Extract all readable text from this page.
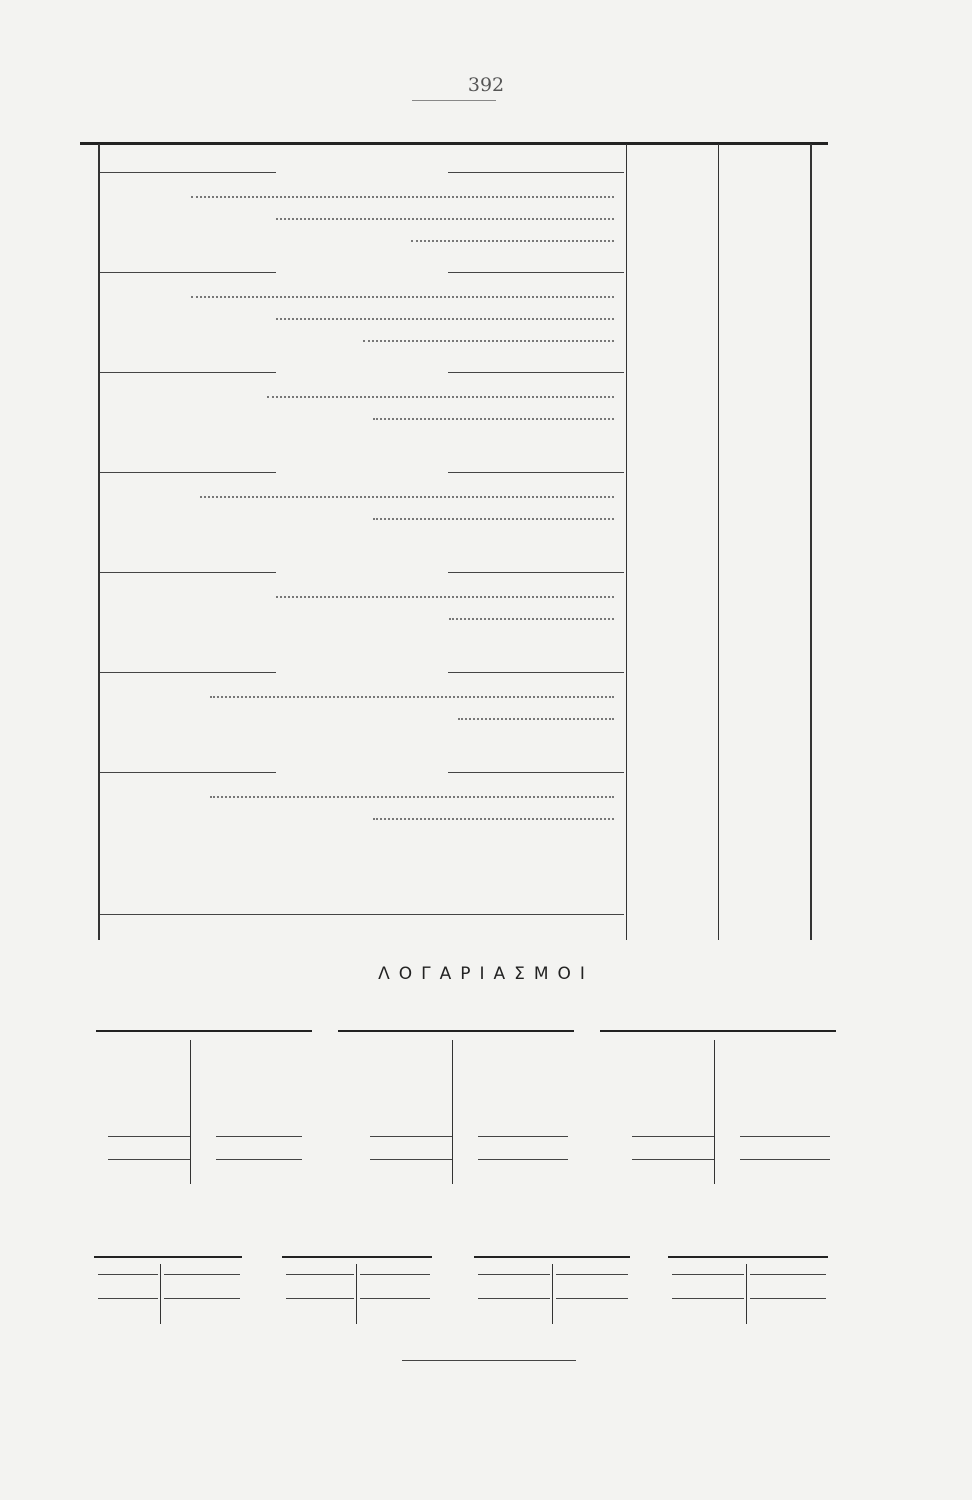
392
ΛΟΓΑΡΙΑΣΜΟΙ
